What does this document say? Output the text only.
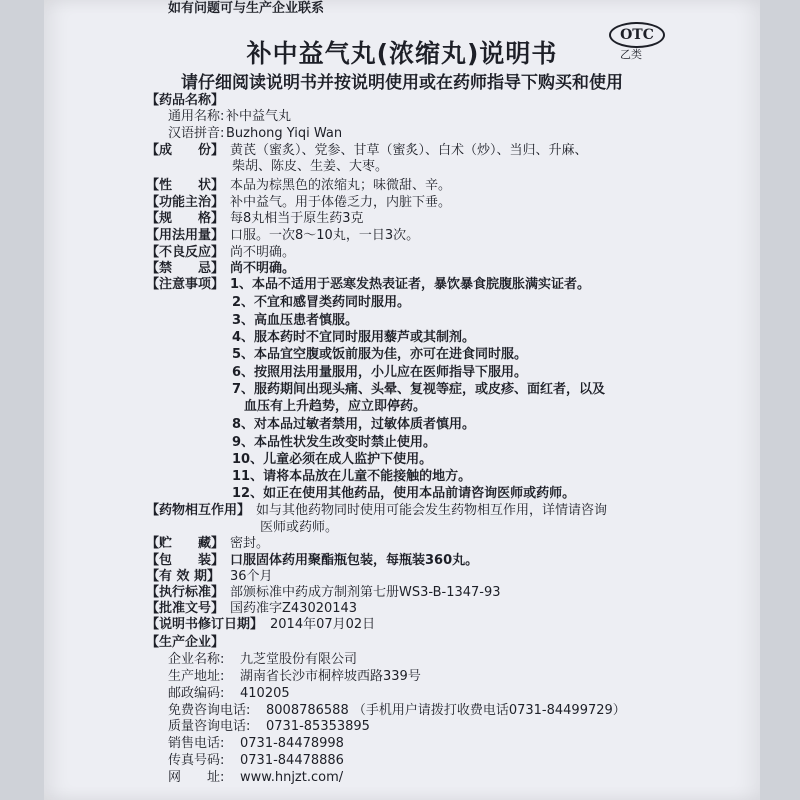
补中益气丸(浓缩丸)说明书
OTC
乙类
请仔细阅读说明书并按说明使用或在药师指导下购买和使用
【药品名称】
通用名称: 补中益气丸
汉语拼音: Buzhong Yiqi Wan
【成　　份】 黄芪（蜜炙）、党参、甘草（蜜炙）、白术（炒）、当归、升麻、
柴胡、陈皮、生姜、大枣。
【性　　状】 本品为棕黑色的浓缩丸；味微甜、辛。
【功能主治】 补中益气。用于体倦乏力，内脏下垂。
【规　　格】 每8丸相当于原生药3克
【用法用量】 口服。一次8～10丸，一日3次。
【不良反应】 尚不明确。
【禁　　忌】 尚不明确。
【注意事项】 1、本品不适用于恶寒发热表证者，暴饮暴食脘腹胀满实证者。
2、不宜和感冒类药同时服用。
3、高血压患者慎服。
4、服本药时不宜同时服用藜芦或其制剂。
5、本品宜空腹或饭前服为佳，亦可在进食同时服。
6、按照用法用量服用，小儿应在医师指导下服用。
7、服药期间出现头痛、头晕、复视等症，或皮疹、面红者，以及
血压有上升趋势，应立即停药。
8、对本品过敏者禁用，过敏体质者慎用。
9、本品性状发生改变时禁止使用。
10、儿童必须在成人监护下使用。
11、请将本品放在儿童不能接触的地方。
12、如正在使用其他药品，使用本品前请咨询医师或药师。
【药物相互作用】 如与其他药物同时使用可能会发生药物相互作用，详情请咨询
医师或药师。
【贮　　藏】 密封。
【包　　装】 口服固体药用聚酯瓶包装，每瓶装360丸。
【有 效 期】 36个月
【执行标准】 部颁标准中药成方制剂第七册WS3-B-1347-93
【批准文号】 国药准字Z43020143
【说明书修订日期】 2014年07月02日
【生产企业】
企业名称: 九芝堂股份有限公司
生产地址: 湖南省长沙市桐梓坡西路339号
邮政编码: 410205
免费咨询电话: 8008786588 （手机用户请拨打收费电话0731-84499729）
质量咨询电话: 0731-85353895
销售电话: 0731-84478998
传真号码: 0731-84478886
网　　址: www.hnjzt.com/
如有问题可与生产企业联系
